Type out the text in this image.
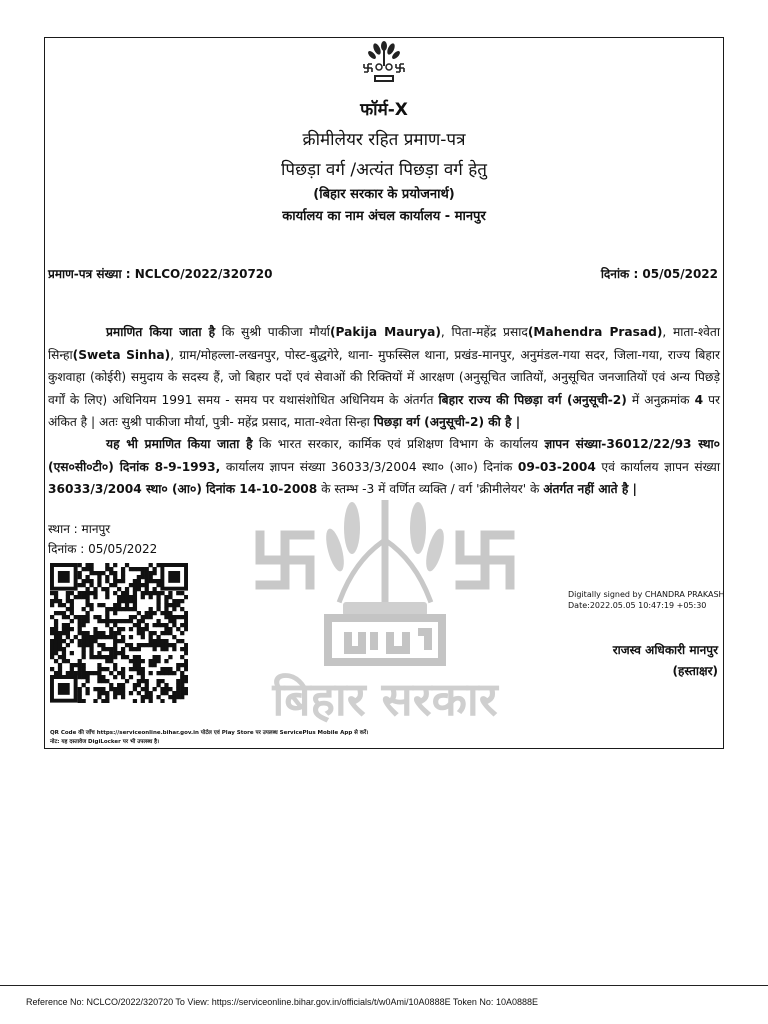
फॉर्म-X
क्रीमीलेयर रहित प्रमाण-पत्र
पिछड़ा वर्ग /अत्यंत पिछड़ा वर्ग हेतु
(बिहार सरकार के प्रयोजनार्थ)
कार्यालय का नाम अंचल कार्यालय - मानपुर
प्रमाण-पत्र संख्या : NCLCO/2022/320720	दिनांक : 05/05/2022
बिहार सरकार
प्रमाणित किया जाता है कि सुश्री पाकीजा मौर्या(Pakija Maurya), पिता-महेंद्र प्रसाद(Mahendra Prasad), माता-श्वेता सिन्हा(Sweta Sinha), ग्राम/मोहल्ला-लखनपुर, पोस्ट-बुद्धगेरे, थाना- मुफस्सिल थाना, प्रखंड-मानपुर, अनुमंडल-गया सदर, जिला-गया, राज्य बिहार कुशवाहा (कोईरी) समुदाय के सदस्य हैं, जो बिहार पदों एवं सेवाओं की रिक्तियों में आरक्षण (अनुसूचित जातियों, अनुसूचित जनजातियों एवं अन्य पिछड़े वर्गों के लिए) अधिनियम 1991 समय - समय पर यथासंशोधित अधिनियम के अंतर्गत बिहार राज्य की पिछड़ा वर्ग (अनुसूची-2) में अनुक्रमांक 4 पर अंकित है | अतः सुश्री पाकीजा मौर्या, पुत्री- महेंद्र प्रसाद, माता-श्वेता सिन्हा पिछड़ा वर्ग (अनुसूची-2) की है |
यह भी प्रमाणित किया जाता है कि भारत सरकार, कार्मिक एवं प्रशिक्षण विभाग के कार्यालय ज्ञापन संख्या-36012/22/93 स्था० (एस०सी०टी०) दिनांक 8-9-1993, कार्यालय ज्ञापन संख्या 36033/3/2004 स्था० (आ०) दिनांक 09-03-2004 एवं कार्यालय ज्ञापन संख्या 36033/3/2004 स्था० (आ०) दिनांक 14-10-2008 के स्तम्भ -3 में वर्णित व्यक्ति / वर्ग 'क्रीमीलेयर' के अंतर्गत नहीं आते है |
स्थान : मानपुर
दिनांक : 05/05/2022
Digitally signed by CHANDRA PRAKASH
Date:2022.05.05 10:47:19 +05:30
राजस्व अधिकारी मानपुर
(हस्ताक्षर)
QR Code की जाँच https://serviceonline.bihar.gov.in पोर्टल एवं Play Store पर उपलब्ध ServicePlus Mobile App से करें।
नोट: यह दस्तावेज DigiLocker पर भी उपलब्ध है।
Reference No: NCLCO/2022/320720 To View: https://serviceonline.bihar.gov.in/officials/t/w0Ami/10A0888E Token No: 10A0888E
